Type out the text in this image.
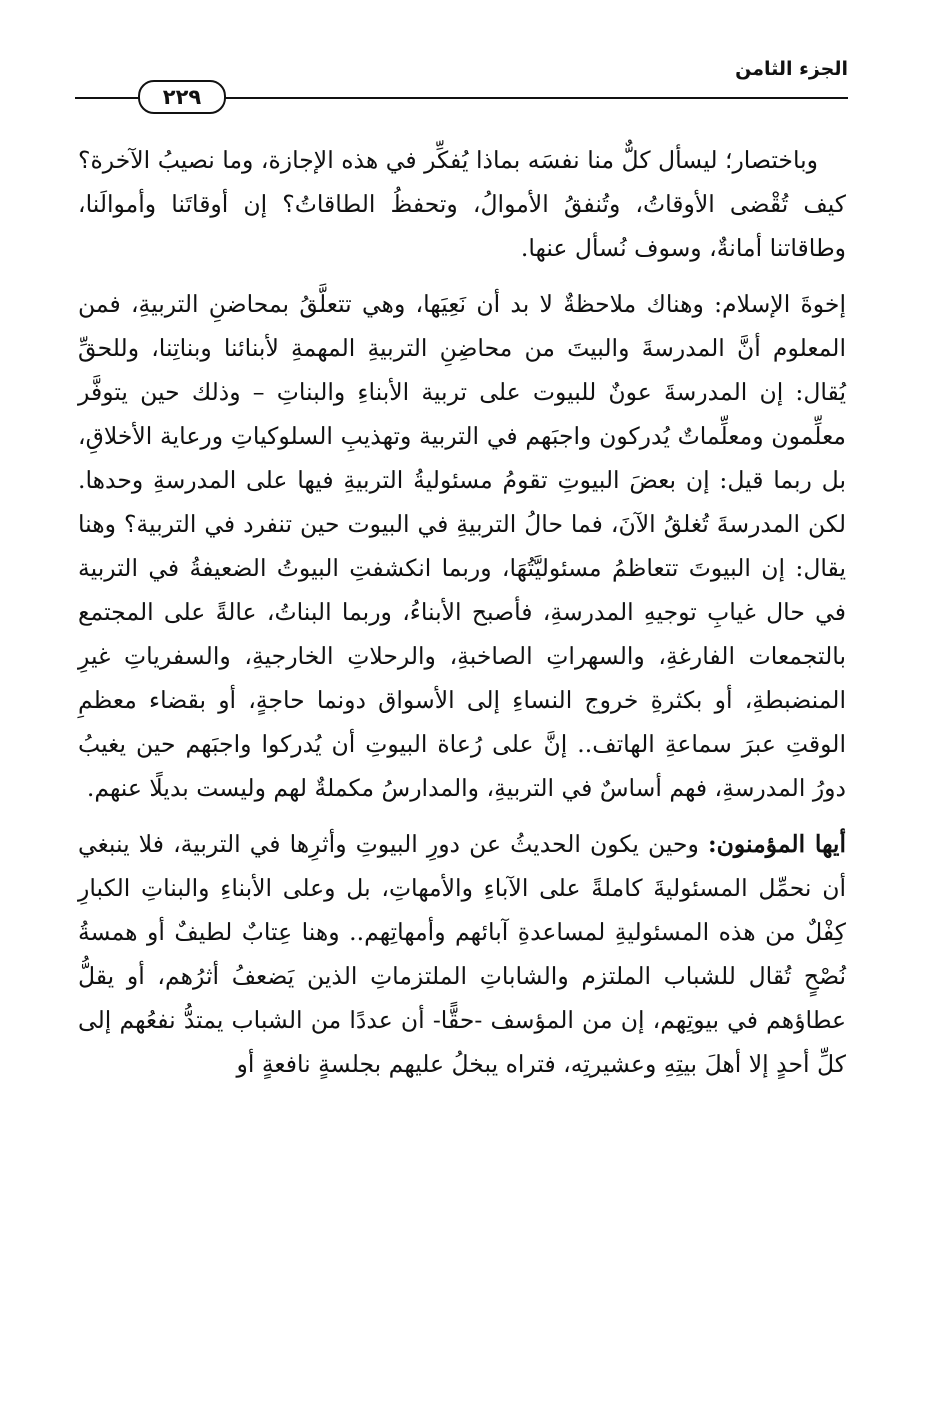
الجزء الثامن
٢٢٩

وباختصار؛ ليسأل كلٌّ منا نفسَه بماذا يُفكِّر في هذه الإجازة، وما نصيبُ الآخرة؟ كيف تُقْضى الأوقاتُ، وتُنفقُ الأموالُ، وتحفظُ الطاقاتُ؟ إن أوقاتَنا وأموالَنا، وطاقاتنا أمانةٌ، وسوف نُسأل عنها.

إخوةَ الإسلام: وهناك ملاحظةٌ لا بد أن نَعِيَها، وهي تتعلَّقُ بمحاضنِ التربيةِ، فمن المعلوم أنَّ المدرسةَ والبيتَ من محاضِنِ التربيةِ المهمةِ لأبنائنا وبناتِنا، وللحقِّ يُقال: إن المدرسةَ عونٌ للبيوت على تربية الأبناءِ والبناتِ – وذلك حين يتوفَّر معلِّمون ومعلِّماتٌ يُدركون واجبَهم في التربية وتهذيبِ السلوكياتِ ورعاية الأخلاقِ، بل ربما قيل: إن بعضَ البيوتِ تقومُ مسئوليةُ التربيةِ فيها على المدرسةِ وحدها. لكن المدرسةَ تُغلقُ الآنَ، فما حالُ التربيةِ في البيوت حين تنفرد في التربية؟ وهنا يقال: إن البيوتَ تتعاظمُ مسئوليَّتُهَا، وربما انكشفتِ البيوتُ الضعيفةُ في التربية في حال غيابِ توجيهِ المدرسةِ، فأصبح الأبناءُ، وربما البناتُ، عالةً على المجتمع بالتجمعات الفارغةِ، والسهراتِ الصاخبةِ، والرحلاتِ الخارجيةِ، والسفرياتِ غيرِ المنضبطةِ، أو بكثرةِ خروج النساءِ إلى الأسواق دونما حاجةٍ، أو بقضاء معظمِ الوقتِ عبرَ سماعةِ الهاتف.. إنَّ على رُعاة البيوتِ أن يُدركوا واجبَهم حين يغيبُ دورُ المدرسةِ، فهم أساسٌ في التربيةِ، والمدارسُ مكملةٌ لهم وليست بديلًا عنهم.

أيها المؤمنون: وحين يكون الحديثُ عن دورِ البيوتِ وأثرِها في التربية، فلا ينبغي أن نحمِّل المسئوليةَ كاملةً على الآباءِ والأمهاتِ، بل وعلى الأبناءِ والبناتِ الكبارِ كِفْلٌ من هذه المسئوليةِ لمساعدةِ آبائهم وأمهاتِهم.. وهنا عِتابٌ لطيفٌ أو همسةُ نُصْحٍ تُقال للشباب الملتزم والشاباتِ الملتزماتِ الذين يَضعفُ أثرُهم، أو يقلُّ عطاؤهم في بيوتِهم، إن من المؤسف -حقًّا- أن عددًا من الشباب يمتدُّ نفعُهم إلى كلِّ أحدٍ إلا أهلَ بيتِهِ وعشيرتِه، فتراه يبخلُ عليهم بجلسةٍ نافعةٍ أو
